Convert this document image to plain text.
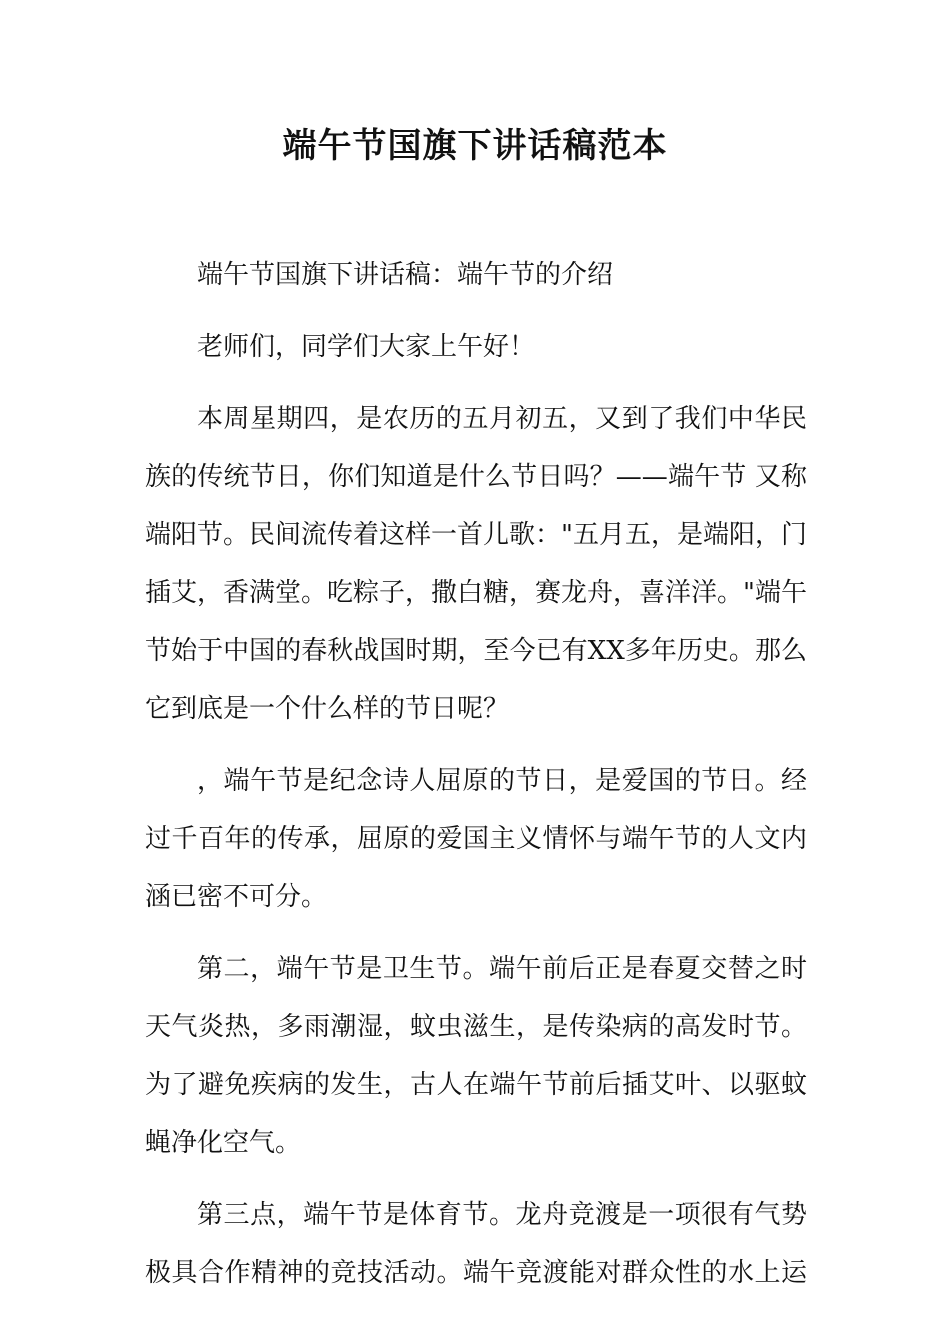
端午节国旗下讲话稿范本
端午节国旗下讲话稿：端午节的介绍
老师们，同学们大家上午好！
本周星期四，是农历的五月初五，又到了我们中华民
族的传统节日，你们知道是什么节日吗？——端午节 又称
端阳节。民间流传着这样一首儿歌："五月五，是端阳，门
插艾，香满堂。吃粽子，撒白糖，赛龙舟，喜洋洋。"端午
节始于中国的春秋战国时期，至今已有XX多年历史。那么
它到底是一个什么样的节日呢？
，端午节是纪念诗人屈原的节日，是爱国的节日。经
过千百年的传承，屈原的爱国主义情怀与端午节的人文内
涵已密不可分。
第二，端午节是卫生节。端午前后正是春夏交替之时
天气炎热，多雨潮湿，蚊虫滋生，是传染病的高发时节。
为了避免疾病的发生，古人在端午节前后插艾叶、以驱蚊
蝇净化空气。
第三点，端午节是体育节。龙舟竞渡是一项很有气势
极具合作精神的竞技活动。端午竞渡能对群众性的水上运
